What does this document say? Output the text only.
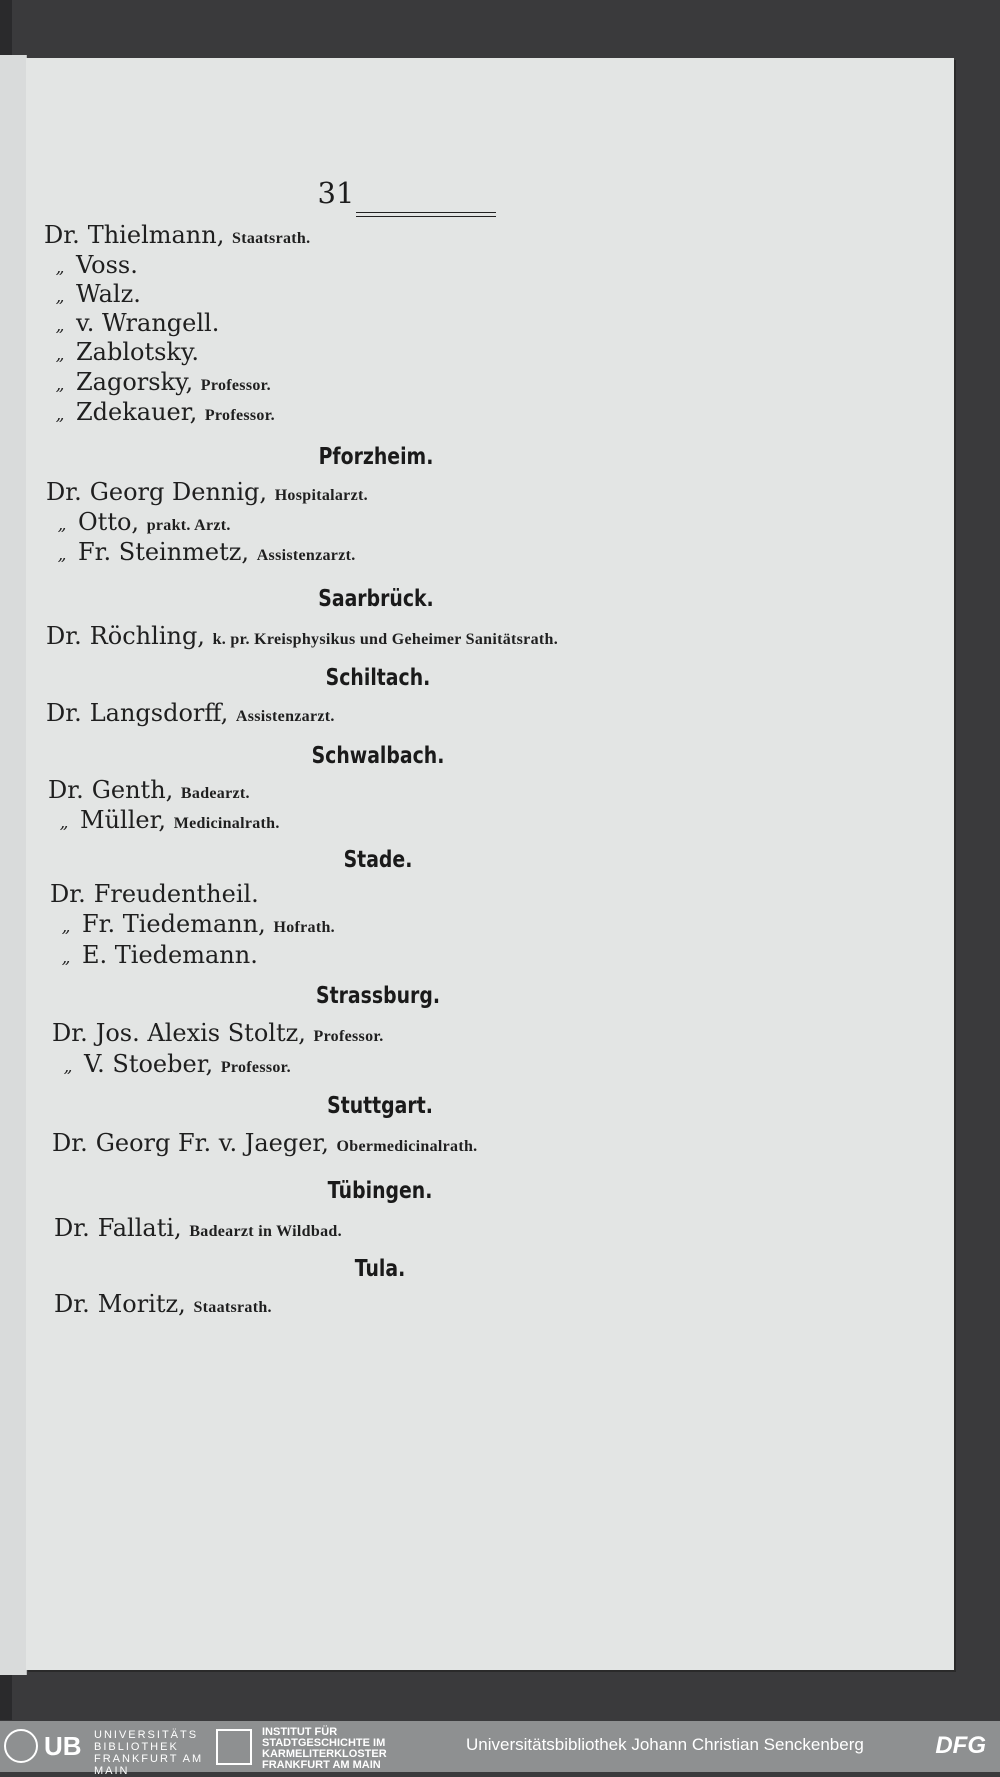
31
Dr. Thielmann, Staatsrath.
„ Voss.
„ Walz.
„ v. Wrangell.
„ Zablotsky.
„ Zagorsky, Professor.
„ Zdekauer, Professor.
Pforzheim.
Dr. Georg Dennig, Hospitalarzt.
„ Otto, prakt. Arzt.
„ Fr. Steinmetz, Assistenzarzt.
Saarbrück.
Dr. Röchling, k. pr. Kreisphysikus und Geheimer Sanitätsrath.
Schiltach.
Dr. Langsdorff, Assistenzarzt.
Schwalbach.
Dr. Genth, Badearzt.
„ Müller, Medicinalrath.
Stade.
Dr. Freudentheil.
„ Fr. Tiedemann, Hofrath.
„ E. Tiedemann.
Strassburg.
Dr. Jos. Alexis Stoltz, Professor.
„ V. Stoeber, Professor.
Stuttgart.
Dr. Georg Fr. v. Jaeger, Obermedicinalrath.
Tübingen.
Dr. Fallati, Badearzt in Wildbad.
Tula.
Dr. Moritz, Staatsrath.
UB UNIVERSITÄTS BIBLIOTHEK FRANKFURT AM MAIN
INSTITUT FÜR STADTGESCHICHTE IM KARMELITERKLOSTER FRANKFURT AM MAIN
Universitätsbibliothek Johann Christian Senckenberg	DFG
